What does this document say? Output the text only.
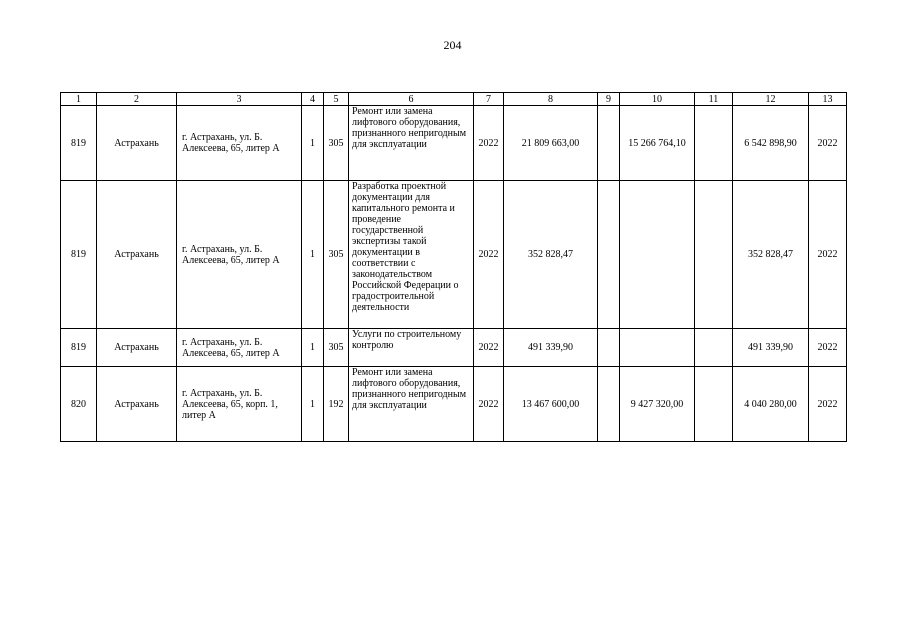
204
1	2	3	4	5	6	7	8	9	10	11	12	13
819	Астрахань	г. Астрахань, ул. Б. Алексеева, 65, литер А	1	305	Ремонт или замена лифтового оборудования, признанного непригодным для эксплуатации	2022	21 809 663,00		15 266 764,10		6 542 898,90	2022
819	Астрахань	г. Астрахань, ул. Б. Алексеева, 65, литер А	1	305	Разработка проектной документации для капитального ремонта и проведение государственной экспертизы такой документации в соответствии с законодательством Российской Федерации о градостроительной деятельности	2022	352 828,47				352 828,47	2022
819	Астрахань	г. Астрахань, ул. Б. Алексеева, 65, литер А	1	305	Услуги по строительному контролю	2022	491 339,90				491 339,90	2022
820	Астрахань	г. Астрахань, ул. Б. Алексеева, 65, корп. 1, литер А	1	192	Ремонт или замена лифтового оборудования, признанного непригодным для эксплуатации	2022	13 467 600,00		9 427 320,00		4 040 280,00	2022
